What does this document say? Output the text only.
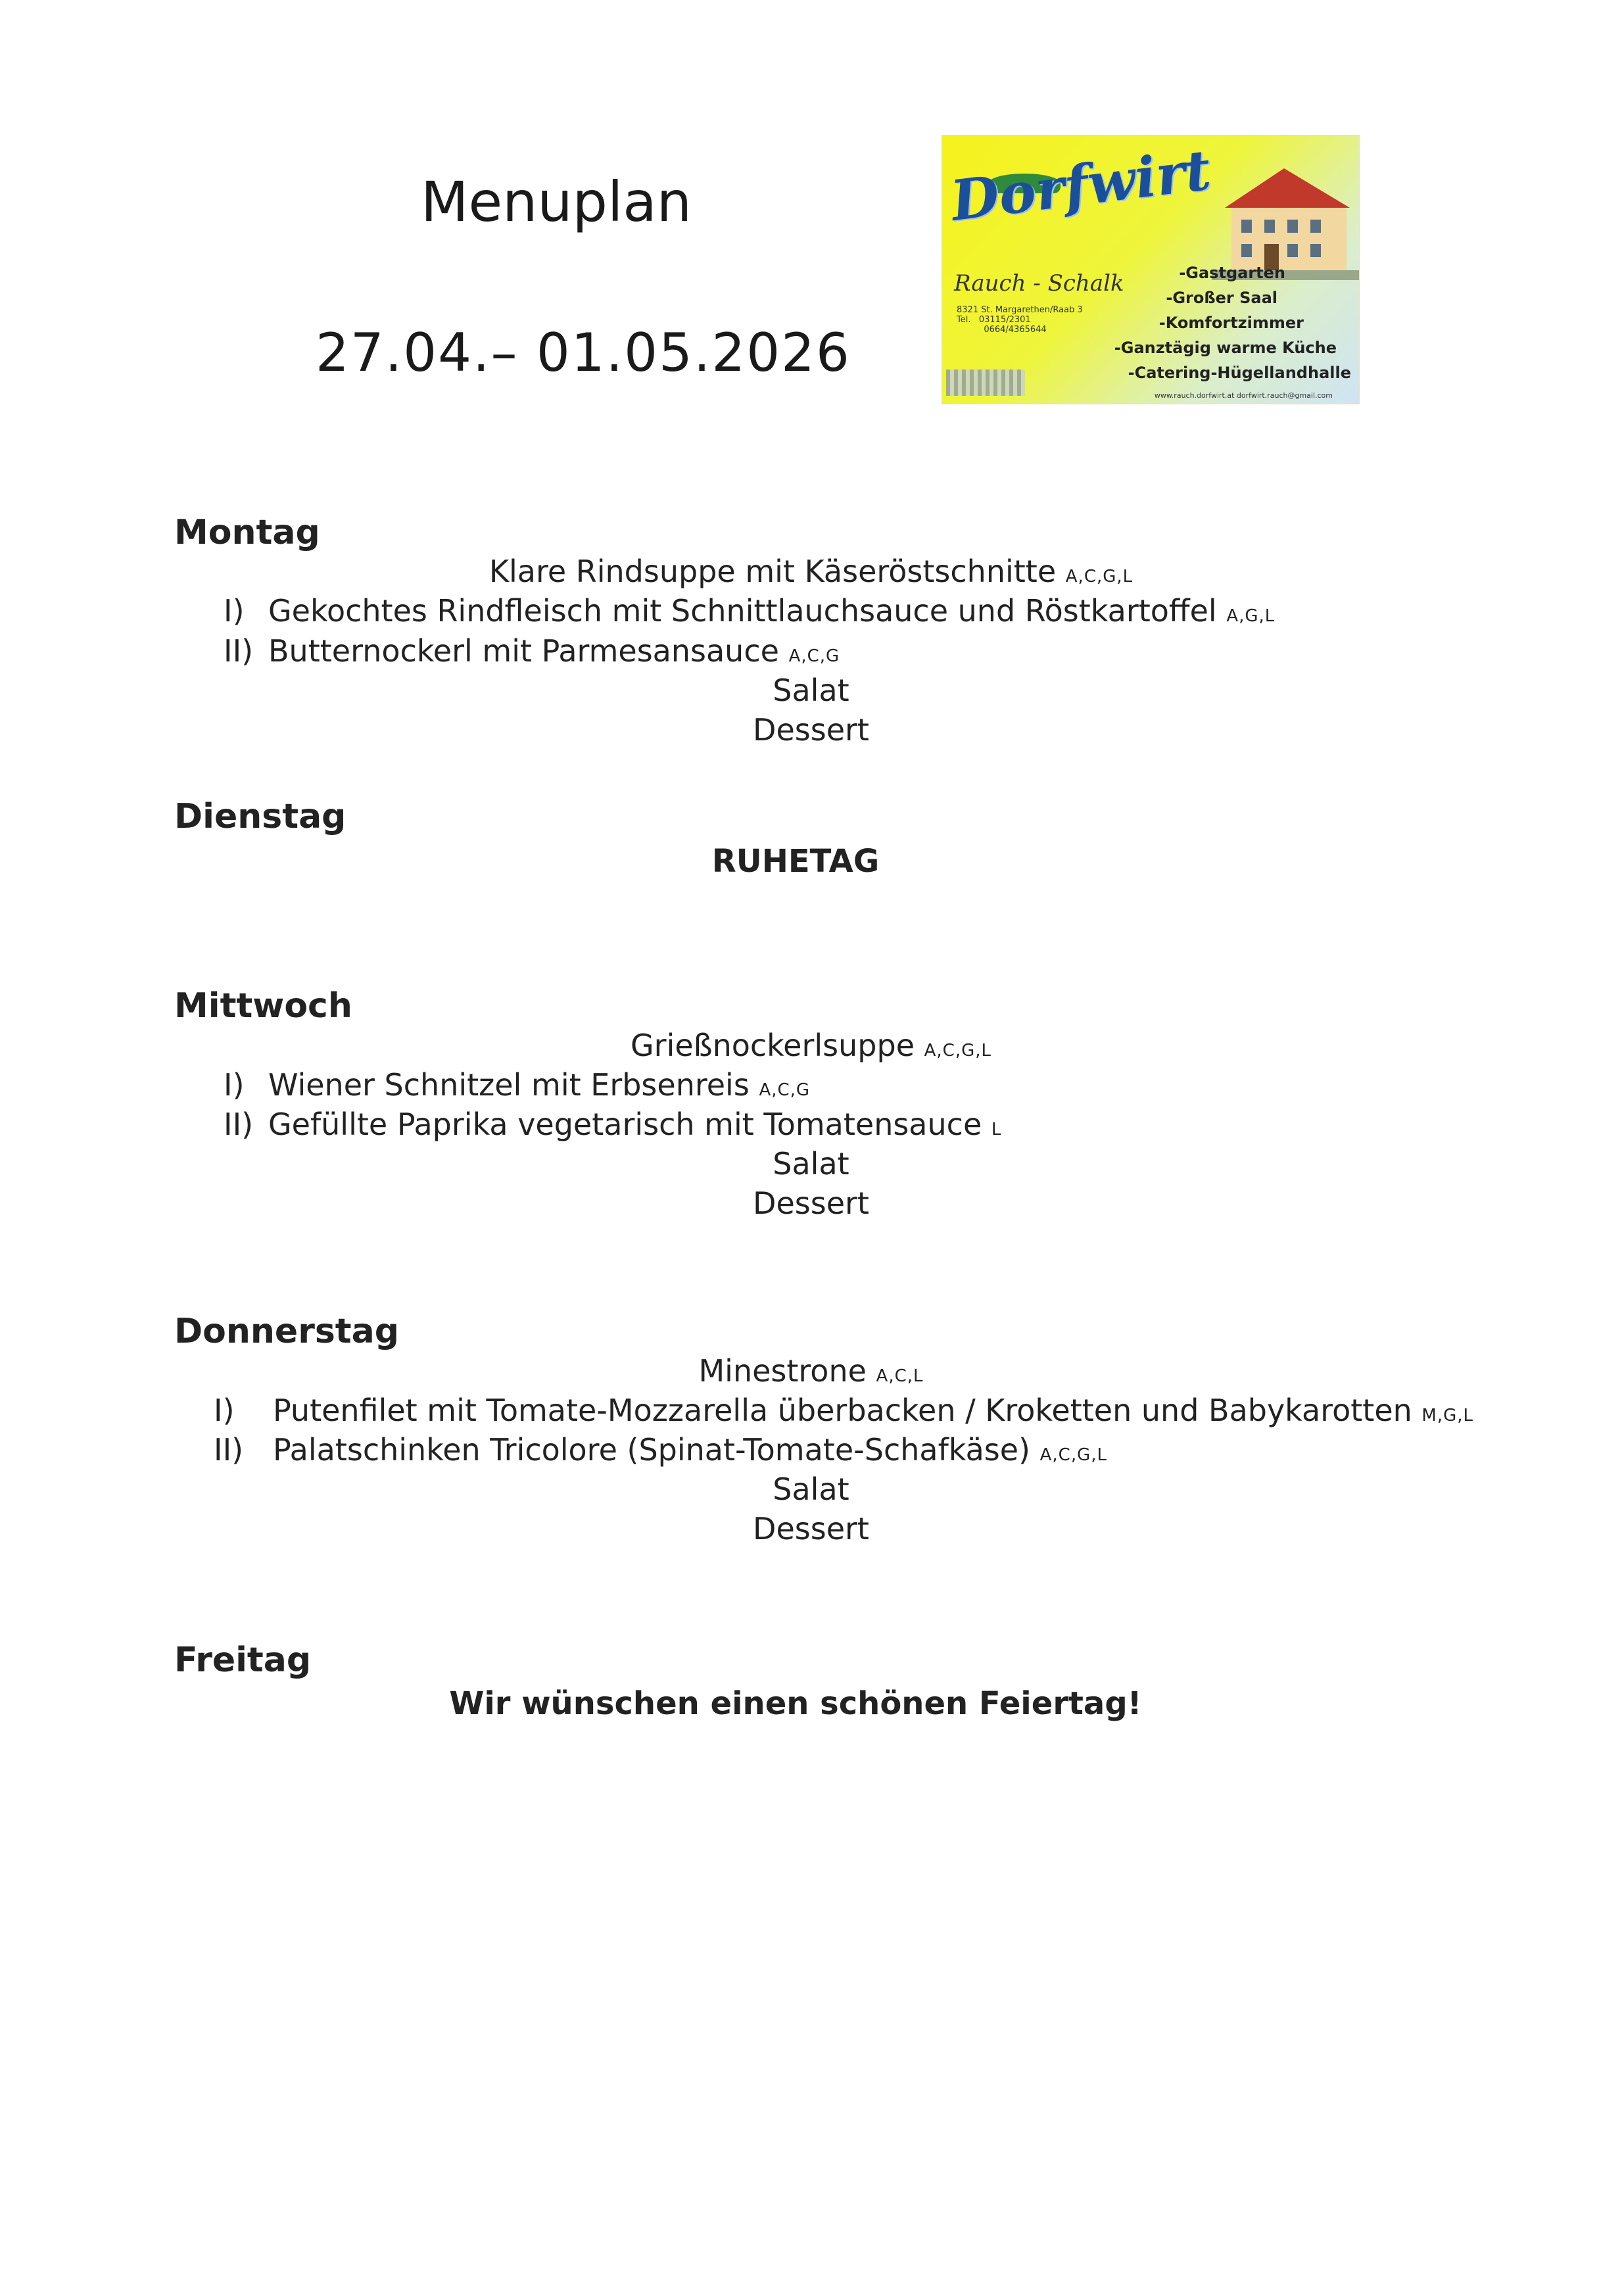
Menuplan
27.04.– 01.05.2026
Dorfwirt
Rauch - Schalk
8321 St. Margarethen/Raab 3
Tel.   03115/2301
0664/4365644
-Gastgarten
-Großer Saal
-Komfortzimmer
-Ganztägig warme Küche
-Catering-Hügellandhalle
www.rauch.dorfwirt.at dorfwirt.rauch@gmail.com
Montag
Klare Rindsuppe mit Käseröstschnitte A,C,G,L
I) Gekochtes Rindfleisch mit Schnittlauchsauce und Röstkartoffel A,G,L
II) Butternockerl mit Parmesansauce A,C,G
Salat
Dessert
Dienstag
RUHETAG
Mittwoch
Grießnockerlsuppe A,C,G,L
I) Wiener Schnitzel mit Erbsenreis A,C,G
II) Gefüllte Paprika vegetarisch mit Tomatensauce L
Salat
Dessert
Donnerstag
Minestrone A,C,L
I) Putenfilet mit Tomate-Mozzarella überbacken / Kroketten und Babykarotten M,G,L
II) Palatschinken Tricolore (Spinat-Tomate-Schafkäse) A,C,G,L
Salat
Dessert
Freitag
Wir wünschen einen schönen Feiertag!
